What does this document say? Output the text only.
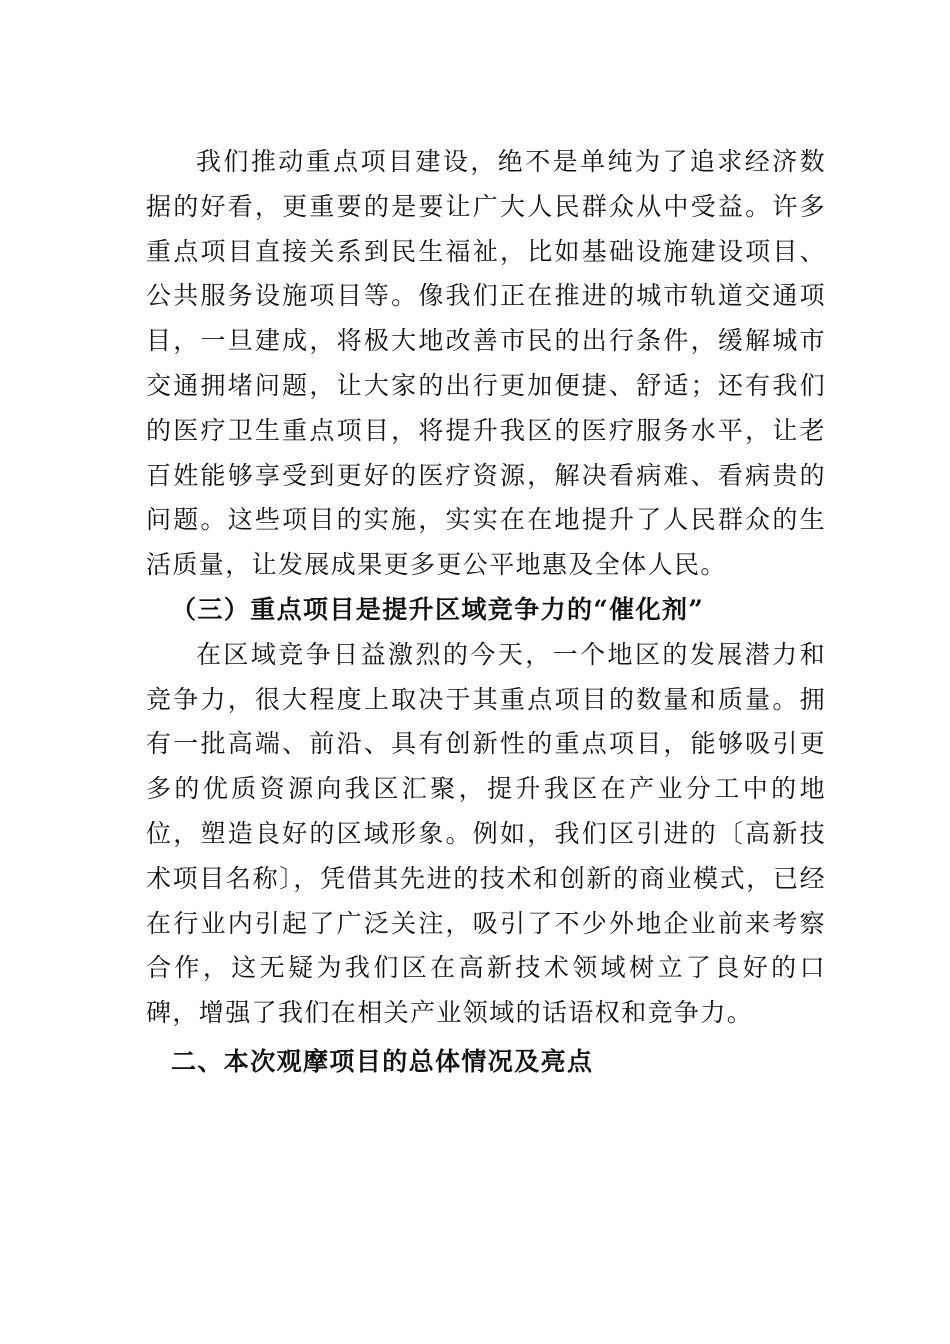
我们推动重点项目建设，绝不是单纯为了追求经济数据的好看，更重要的是要让广大人民群众从中受益。许多重点项目直接关系到民生福祉，比如基础设施建设项目、公共服务设施项目等。像我们正在推进的城市轨道交通项目，一旦建成，将极大地改善市民的出行条件，缓解城市交通拥堵问题，让大家的出行更加便捷、舒适；还有我们的医疗卫生重点项目，将提升我区的医疗服务水平，让老百姓能够享受到更好的医疗资源，解决看病难、看病贵的问题。这些项目的实施，实实在在地提升了人民群众的生活质量，让发展成果更多更公平地惠及全体人民。

（三）重点项目是提升区域竞争力的“催化剂”

在区域竞争日益激烈的今天，一个地区的发展潜力和竞争力，很大程度上取决于其重点项目的数量和质量。拥有一批高端、前沿、具有创新性的重点项目，能够吸引更多的优质资源向我区汇聚，提升我区在产业分工中的地位，塑造良好的区域形象。例如，我们区引进的〔高新技术项目名称〕，凭借其先进的技术和创新的商业模式，已经在行业内引起了广泛关注，吸引了不少外地企业前来考察合作，这无疑为我们区在高新技术领域树立了良好的口碑，增强了我们在相关产业领域的话语权和竞争力。

二、本次观摩项目的总体情况及亮点
